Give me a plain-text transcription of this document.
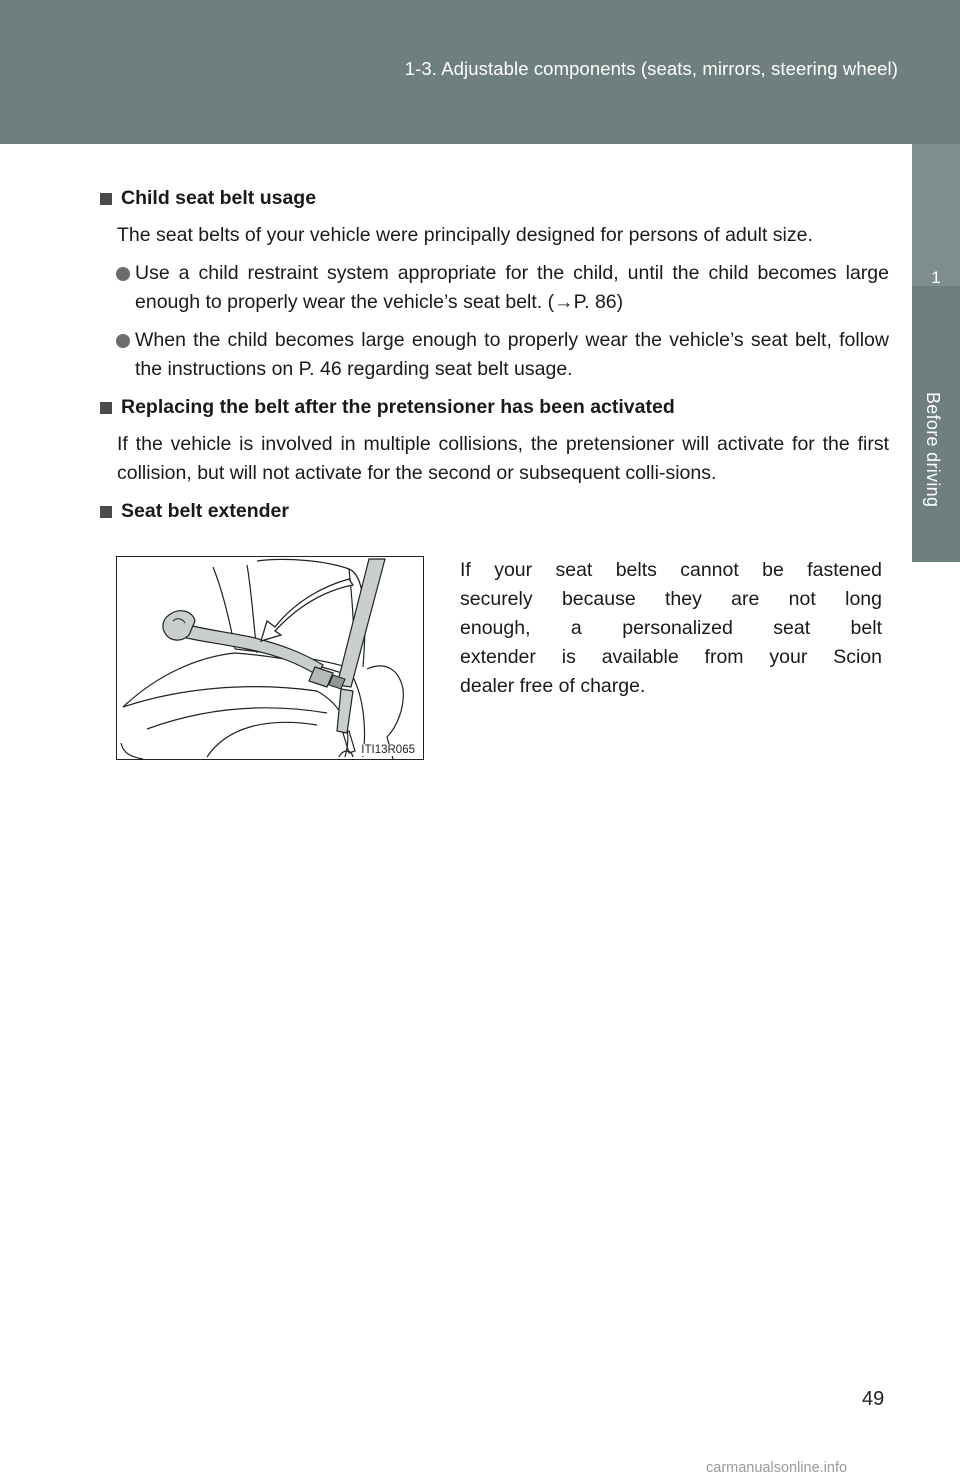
1-3. Adjustable components (seats, mirrors, steering wheel)
1
Before driving
Child seat belt usage

The seat belts of your vehicle were principally designed for persons of adult size.

Use a child restraint system appropriate for the child, until the child becomes large enough to properly wear the vehicle’s seat belt. (→P. 86)
When the child becomes large enough to properly wear the vehicle’s seat belt, follow the instructions on P. 46 regarding seat belt usage.
Replacing the belt after the pretensioner has been activated

If the vehicle is involved in multiple collisions, the pretensioner will activate for the first collision, but will not activate for the second or subsequent colli-sions.

Seat belt extender
ITI13R065
If your seat belts cannot be fastened
securely because they are not long
enough, a personalized seat belt
extender is available from your Scion
dealer free of charge.
49
carmanualsonline.info
